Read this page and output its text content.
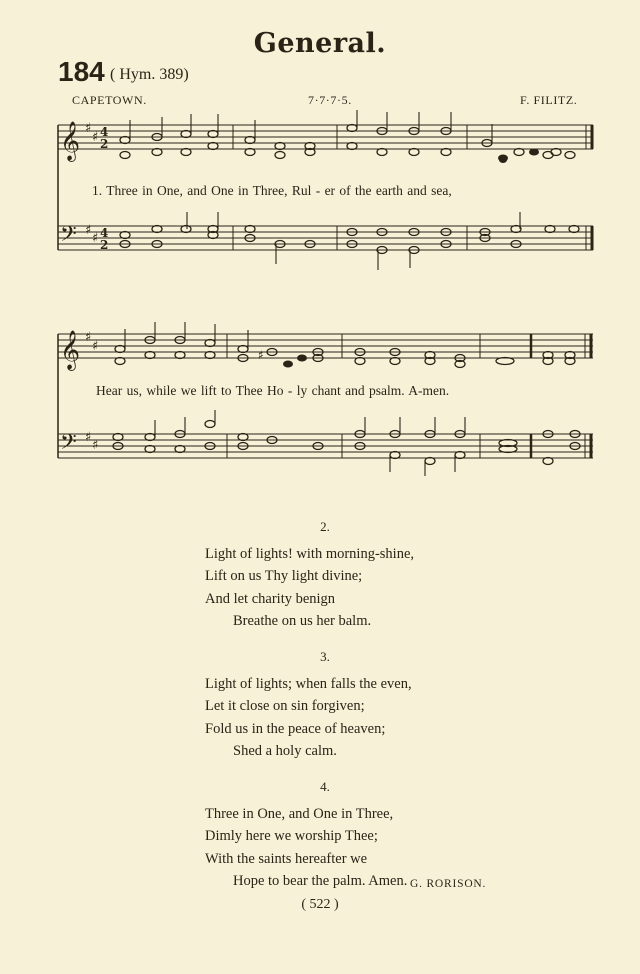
General.
184 ( Hym. 389)
CAPETOWN.	7·7·7·5.	F. FILITZ.
𝄞
𝄢
𝄞
𝄢
♯
♯
♯
♯
♯
♯
♯
♯
4
2
4
2
♯
1. Three in One, and One in Three, Rul - er of the earth and sea,
Hear us, while we lift to Thee Ho - ly chant and psalm. A-men.
2.
Light of lights! with morning-shine,
Lift on us Thy light divine;
And let charity benign
Breathe on us her balm.
3.
Light of lights; when falls the even,
Let it close on sin forgiven;
Fold us in the peace of heaven;
Shed a holy calm.
4.
Three in One, and One in Three,
Dimly here we worship Thee;
With the saints hereafter we
Hope to bear the palm. Amen. G. RORISON.
( 522 )
